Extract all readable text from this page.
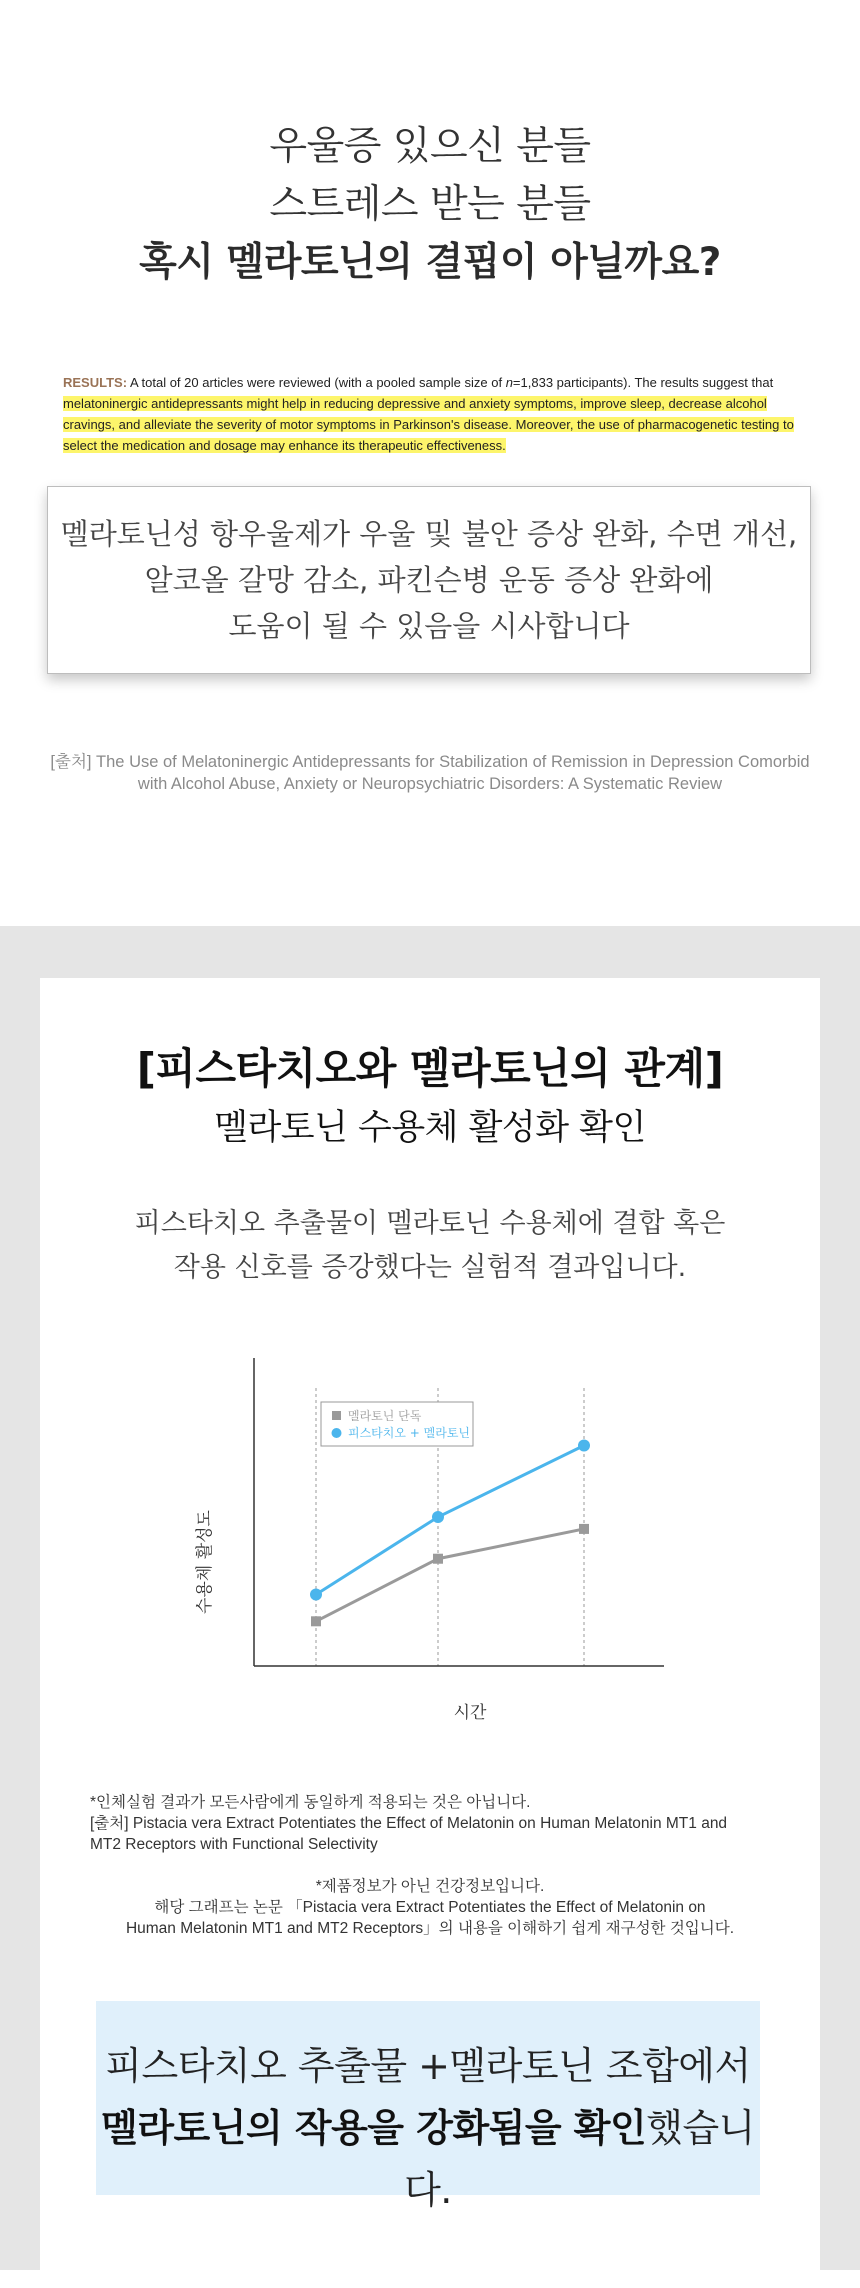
우울증 있으신 분들
스트레스 받는 분들
혹시 멜라토닌의 결핍이 아닐까요?
RESULTS: A total of 20 articles were reviewed (with a pooled sample size of n=1,833 participants). The results suggest that melatoninergic antidepressants might help in reducing depressive and anxiety symptoms, improve sleep, decrease alcohol cravings, and alleviate the severity of motor symptoms in Parkinson's disease. Moreover, the use of pharmacogenetic testing to select the medication and dosage may enhance its therapeutic effectiveness.
멜라토닌성 항우울제가 우울 및 불안 증상 완화, 수면 개선,
알코올 갈망 감소, 파킨슨병 운동 증상 완화에
도움이 될 수 있음을 시사합니다
[출처] The Use of Melatoninergic Antidepressants for Stabilization of Remission in Depression Comorbid
with Alcohol Abuse, Anxiety or Neuropsychiatric Disorders: A Systematic Review
[피스타치오와 멜라토닌의 관계]
멜라토닌 수용체 활성화 확인
피스타치오 추출물이 멜라토닌 수용체에 결합 혹은
작용 신호를 증강했다는 실험적 결과입니다.
멜라토닌 단독
피스타치오 + 멜라토닌
수용체 활성도
시간
*인체실험 결과가 모든사람에게 동일하게 적용되는 것은 아닙니다.
[출처] Pistacia vera Extract Potentiates the Effect of Melatonin on Human Melatonin MT1 and
MT2 Receptors with Functional Selectivity
*제품정보가 아닌 건강정보입니다.
해당 그래프는 논문 「Pistacia vera Extract Potentiates the Effect of Melatonin on
Human Melatonin MT1 and MT2 Receptors」의 내용을 이해하기 쉽게 재구성한 것입니다.
피스타치오 추출물 +멜라토닌 조합에서
멜라토닌의 작용을 강화됨을 확인했습니다.
